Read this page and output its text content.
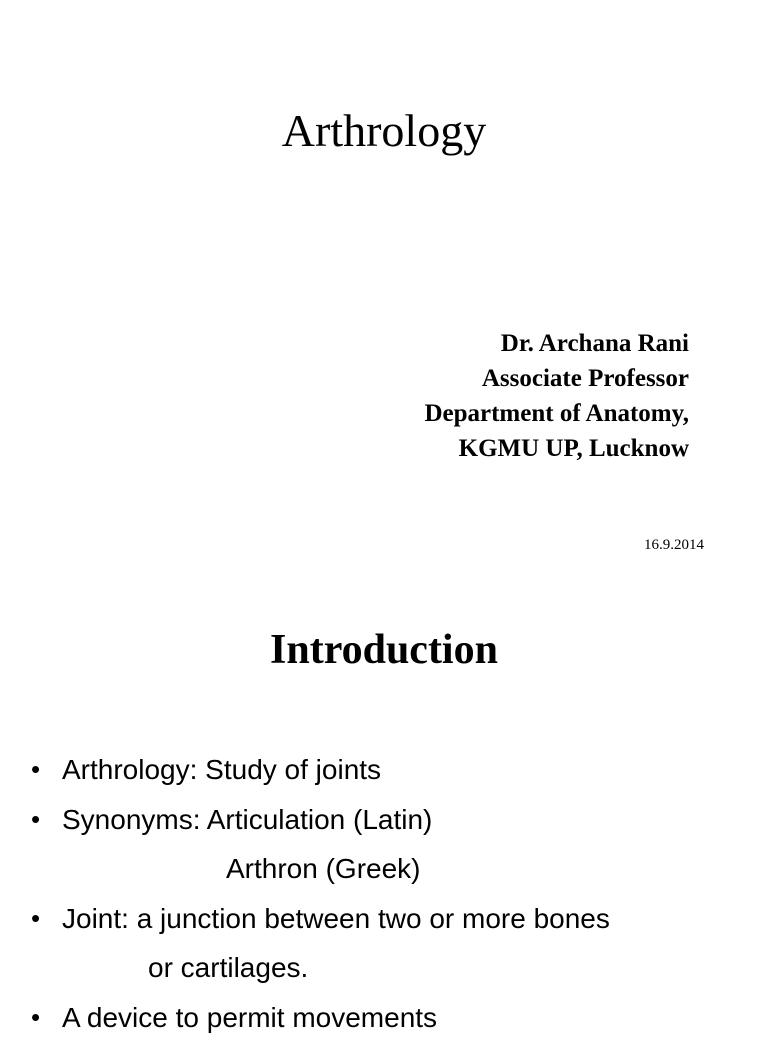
Arthrology
Dr. Archana Rani
Associate Professor
Department of Anatomy,
KGMU UP, Lucknow
16.9.2014
Introduction
• Arthrology: Study of joints
• Synonyms: Articulation (Latin)
Arthron (Greek)
• Joint: a junction between two or more bones
or cartilages.
• A device to permit movements
